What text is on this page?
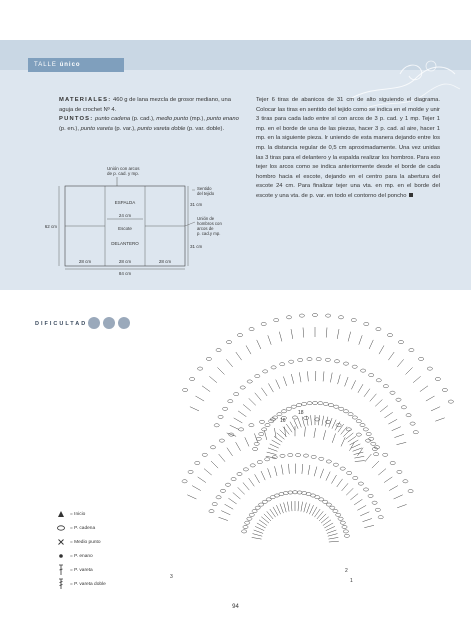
TALLE único
MATERIALES: 460 g de lana mezcla de grosor mediano, una aguja de crochet Nº 4.
PUNTOS: punto cadena (p. cad.), medio punto (mp.), punto enano (p. en.), punto vareta (p. var.), punto vareta doble (p. var. doble).
Tejer 6 tiras de abanicos de 31 cm de alto siguiendo el diagrama. Colocar las tiras en sentido del tejido como se indica en el molde y unir 3 tiras para cada lado entre sí con arcos de 3 p. cad. y 1 mp. Tejer 1 mp. en el borde de una de las piezas, hacer 3 p. cad. al aire, hacer 1 mp. en la siguiente pieza. Ir uniendo de esta manera dejando entre los mp. la distancia regular de 0,5 cm aproximadamente. Una vez unidas las 3 tiras para el delantero y la espalda realizar los hombros. Para eso tejer los arcos como se indica anteriormente desde el borde de cada hombro hacia el escote, dejando en el centro para la abertura del escote 24 cm. Para finalizar tejer una vta. en mp. en el borde del escote y una vta. de p. var. en todo el contorno del poncho
Unión con arcos
de p. cad. y mp.
ESPALDA
24 cm
Escote
DELANTERO
62 cm
31 cm
31 cm
Sentido
del tejido
Unión de
hombros con
arcos de
p. cad.y mp.
28 cm	28 cm	28 cm
84 cm
DIFICULTAD
18
16
3
2
1
= Inicio
= P. cadena
= Medio punto
= P. enano
= P. vareta
= P. vareta doble
94
